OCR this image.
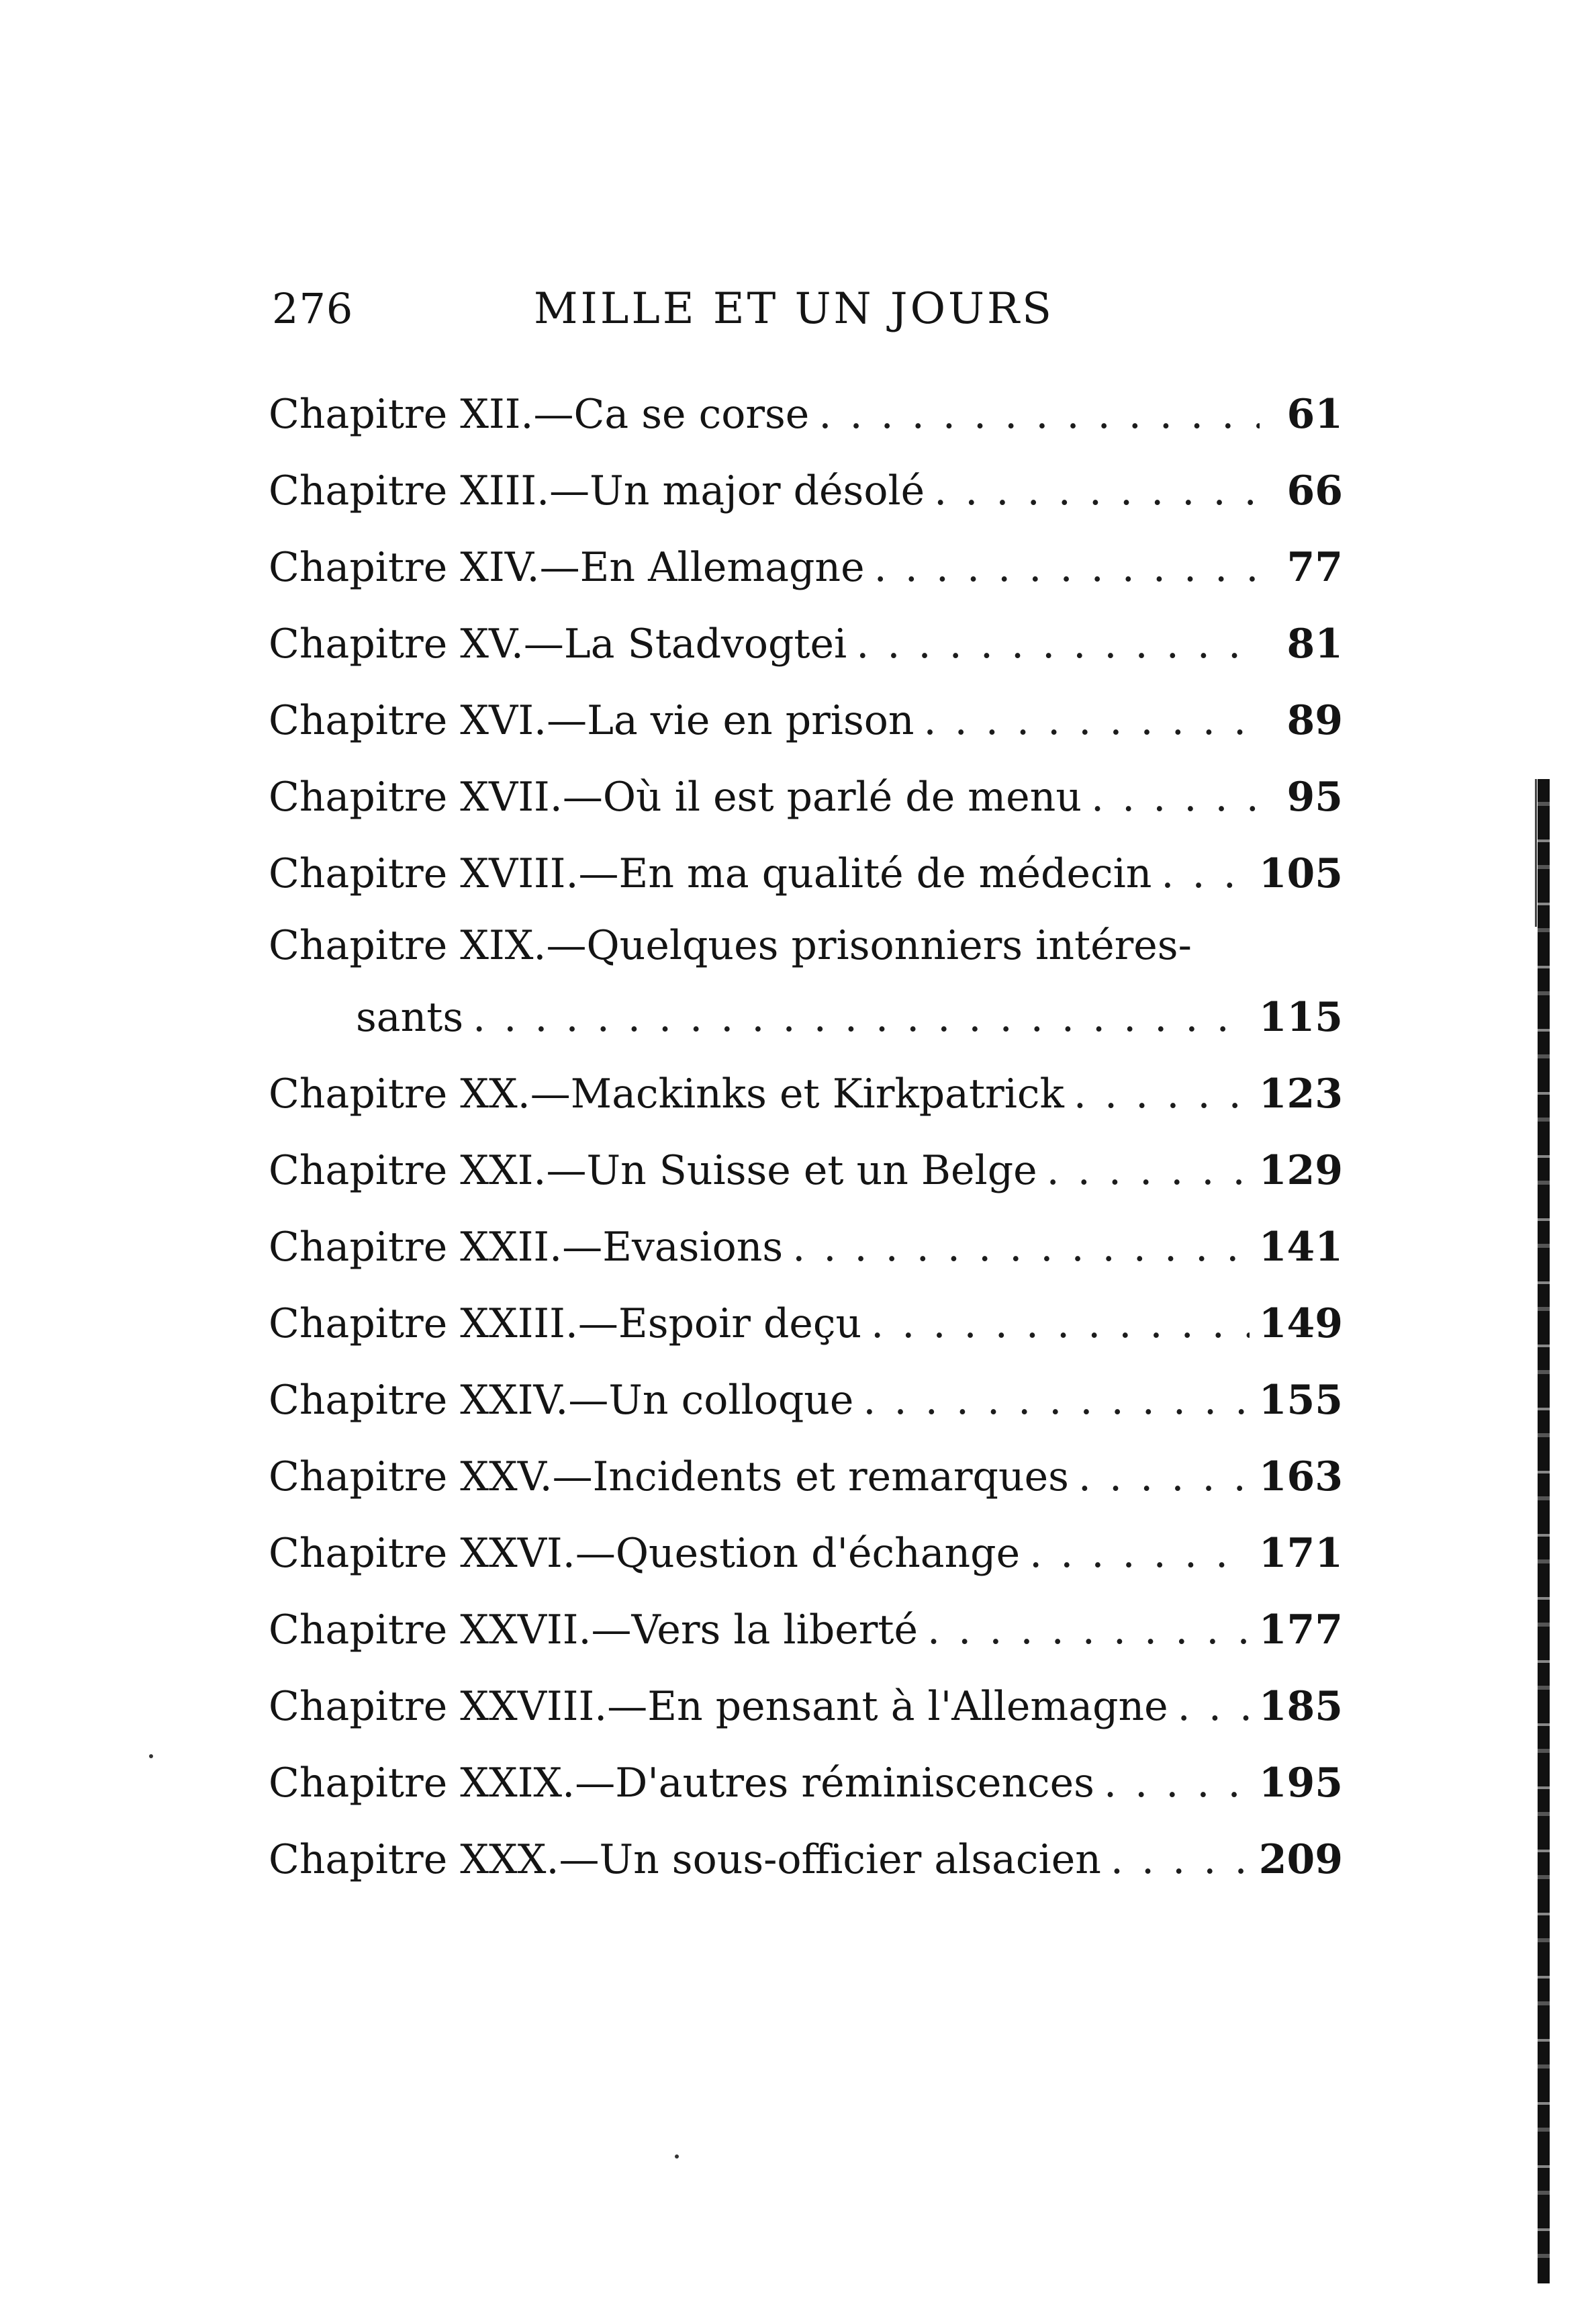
276	MILLE ET UN JOURS
Chapitre XII.—Ca se corse . . .	61
Chapitre XIII.—Un major désolé . . .	66
Chapitre XIV.—En Allemagne . . .	77
Chapitre XV.—La Stadvogtei . . .	81
Chapitre XVI.—La vie en prison . . .	89
Chapitre XVII.—Où il est parlé de menu . . .	95
Chapitre XVIII.—En ma qualité de médecin . . .	105
Chapitre XIX.—Quelques prisonniers intéres-
sants . . .	115
Chapitre XX.—Mackinks et Kirkpatrick . . .	123
Chapitre XXI.—Un Suisse et un Belge . . .	129
Chapitre XXII.—Evasions . . .	141
Chapitre XXIII.—Espoir deçu . . .	149
Chapitre XXIV.—Un colloque . . .	155
Chapitre XXV.—Incidents et remarques . . .	163
Chapitre XXVI.—Question d'échange . . .	171
Chapitre XXVII.—Vers la liberté . . .	177
Chapitre XXVIII.—En pensant à l'Allemagne . . . 185
Chapitre XXIX.—D'autres réminiscences . . .	195
Chapitre XXX.—Un sous-officier alsacien . . .	209
